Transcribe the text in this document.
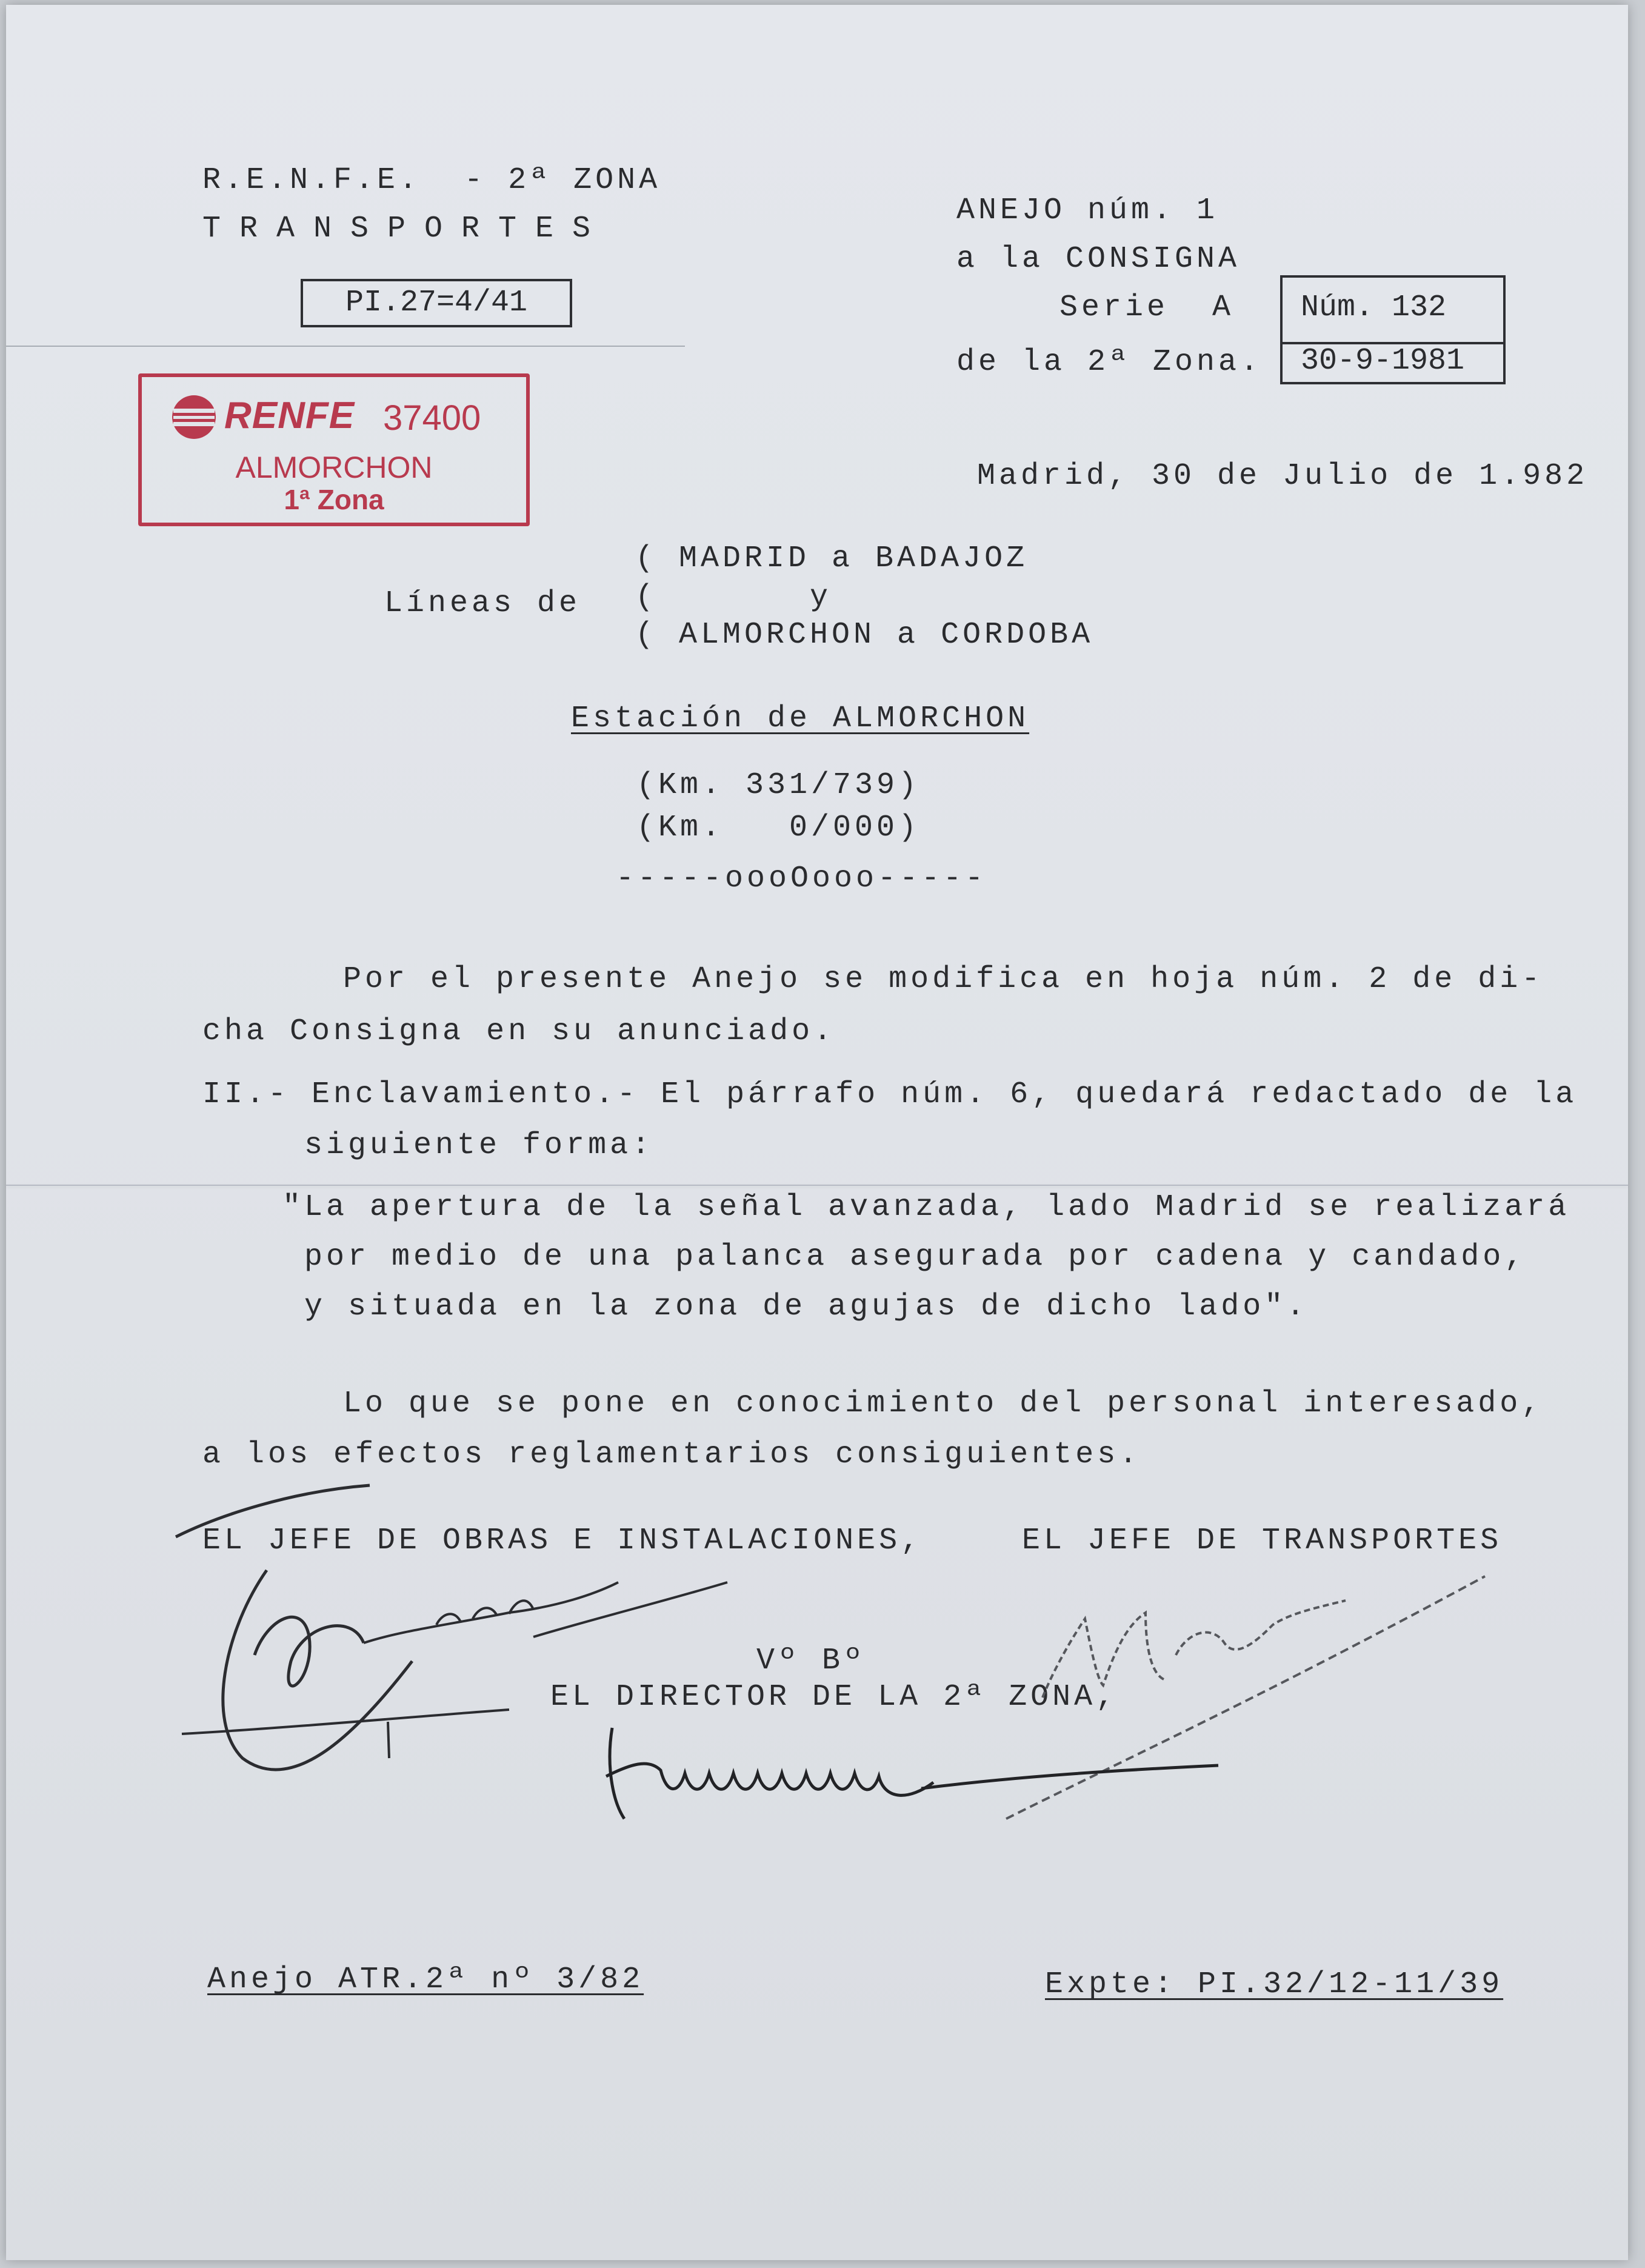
R.E.N.F.E.  - 2ª ZONA
TRANSPORTES
PI.27=4/41
ANEJO núm. 1
a la CONSIGNA
Serie  A
de la 2ª Zona.
Núm. 132
30-9-1981
RENFE 37400
ALMORCHON
1ª Zona
Madrid, 30 de Julio de 1.982
Líneas de
( MADRID a BADAJOZ
(       y
( ALMORCHON a CORDOBA
Estación de ALMORCHON
(Km. 331/739)
(Km.   0/000)
-----oooOooo-----
Por el presente Anejo se modifica en hoja núm. 2 de di-
cha Consigna en su anunciado.
II.- Enclavamiento.- El párrafo núm. 6, quedará redactado de la
siguiente forma:
"La apertura de la señal avanzada, lado Madrid se realizará
por medio de una palanca asegurada por cadena y candado,
y situada en la zona de agujas de dicho lado".
Lo que se pone en conocimiento del personal interesado,
a los efectos reglamentarios consiguientes.
EL JEFE DE OBRAS E INSTALACIONES,	EL JEFE DE TRANSPORTES
Vº Bº
EL DIRECTOR DE LA 2ª ZONA,
Anejo ATR.2ª nº 3/82	Expte: PI.32/12-11/39
